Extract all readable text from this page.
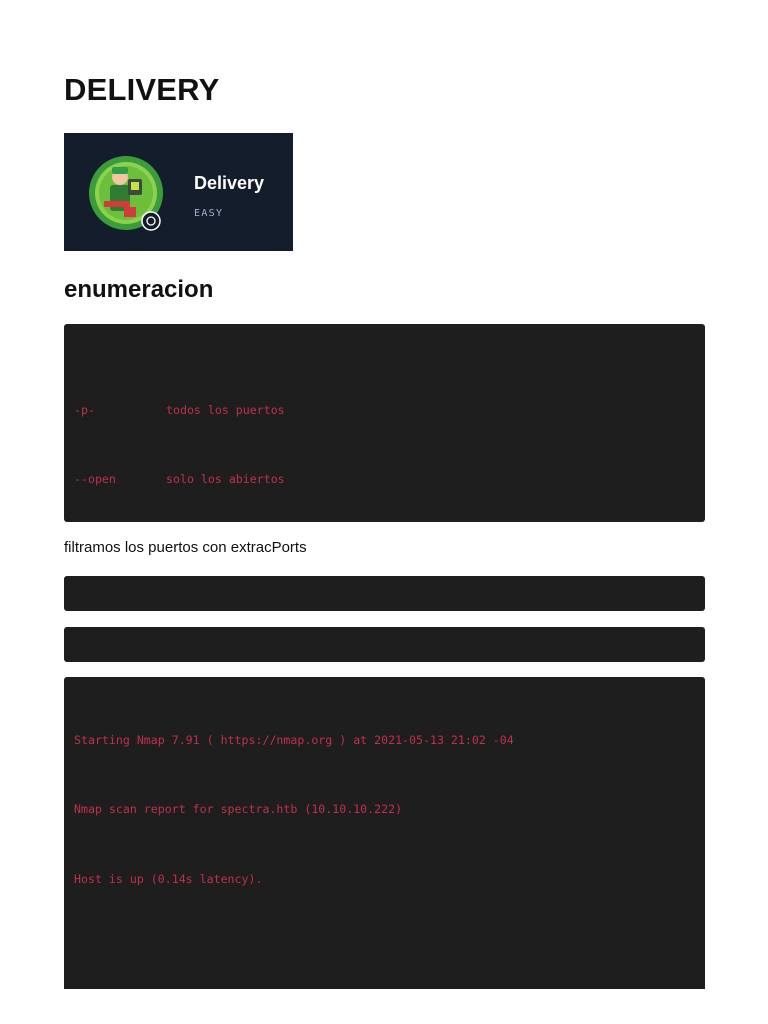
DELIVERY
Delivery
EASY
enumeracion

-p-	todos los puertos

--open	solo los abiertos

filtramos los puertos con extracPorts

Starting Nmap 7.91 ( https://nmap.org ) at 2021-05-13 21:02 -04

Nmap scan report for spectra.htb (10.10.10.222)

Host is up (0.14s latency).
